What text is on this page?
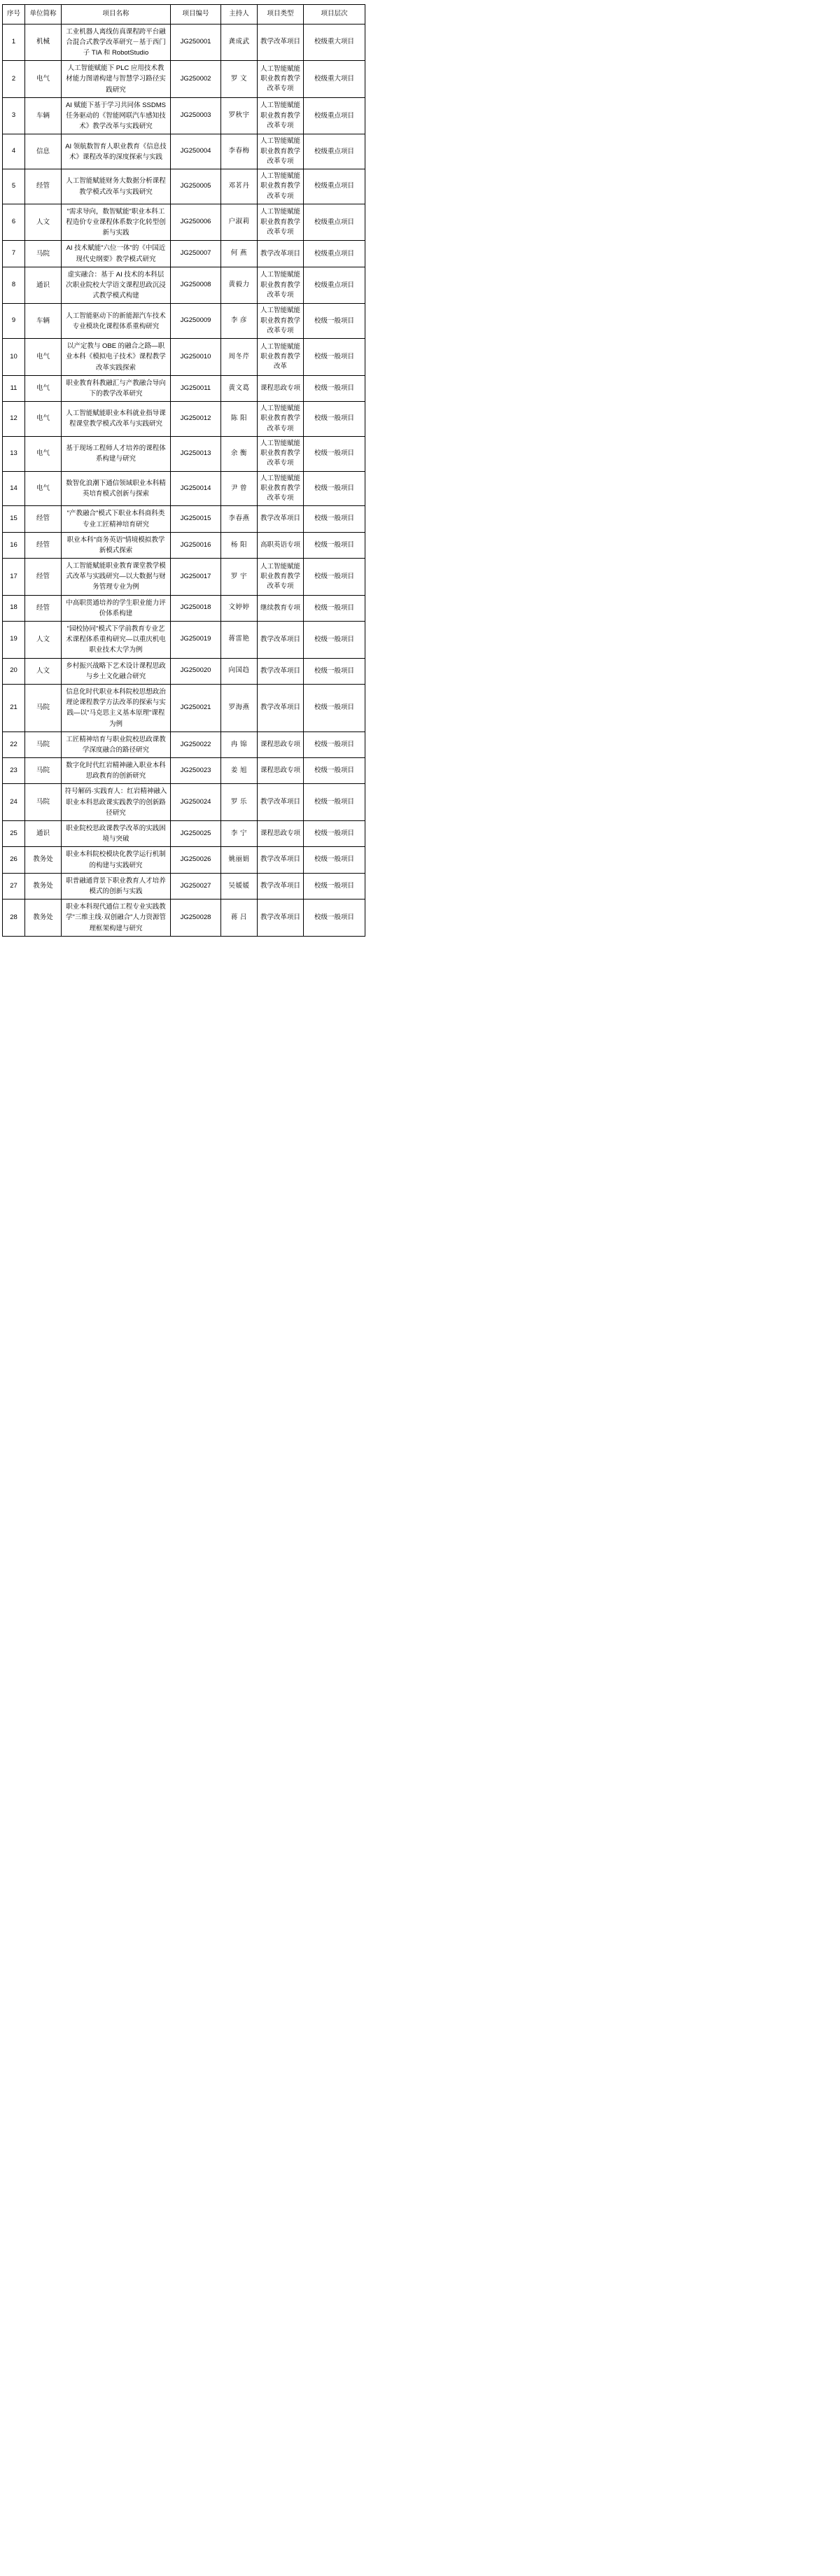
序号	单位简称	项目名称	项目编号	主持人	项目类型	项目层次
1	机械	工业机器人离线仿真课程跨平台融合混合式教学改革研究－基于西门子 TIA 和 RobotStudio	JG250001	龚成武	教学改革项目	校级重大项目
2	电气	人工智能赋能下 PLC 应用技术教材能力图谱构建与智慧学习路径实践研究	JG250002	罗 文	人工智能赋能职业教育教学改革专项	校级重大项目
3	车辆	AI 赋能下基于学习共同体 SSDMS 任务驱动的《智能网联汽车感知技术》教学改革与实践研究	JG250003	罗秋宇	人工智能赋能职业教育教学改革专项	校级重点项目
4	信息	AI 领航数智育人职业教育《信息技术》课程改革的深度探索与实践	JG250004	李春梅	人工智能赋能职业教育教学改革专项	校级重点项目
5	经管	人工智能赋能财务大数据分析课程教学模式改革与实践研究	JG250005	邓茗丹	人工智能赋能职业教育教学改革专项	校级重点项目
6	人文	"需求导向，数智赋能"职业本科工程造价专业课程体系数字化转型创新与实践	JG250006	户淑莉	人工智能赋能职业教育教学改革专项	校级重点项目
7	马院	AI 技术赋能"六位一体"的《中国近现代史纲要》教学模式研究	JG250007	何 燕	教学改革项目	校级重点项目
8	通识	虚实融合：基于 AI 技术的本科层次职业院校大学语文课程思政沉浸式教学模式构建	JG250008	黄毅力	人工智能赋能职业教育教学改革专项	校级重点项目
9	车辆	人工智能驱动下的新能源汽车技术专业模块化课程体系重构研究	JG250009	李 彦	人工智能赋能职业教育教学改革专项	校级一般项目
10	电气	以产定教与 OBE 的融合之路—职业本科《模拟电子技术》课程教学改革实践探索	JG250010	周冬芹	人工智能赋能职业教育教学改革	校级一般项目
11	电气	职业教育科教融汇与产教融合导向下的教学改革研究	JG250011	黄文葛	课程思政专项	校级一般项目
12	电气	人工智能赋能职业本科就业指导课程课堂教学模式改革与实践研究	JG250012	陈 阳	人工智能赋能职业教育教学改革专项	校级一般项目
13	电气	基于现场工程师人才培养的课程体系构建与研究	JG250013	余 衡	人工智能赋能职业教育教学改革专项	校级一般项目
14	电气	数智化浪潮下通信领域职业本科精英培育模式创新与探索	JG250014	尹 曾	人工智能赋能职业教育教学改革专项	校级一般项目
15	经管	"产教融合"模式下职业本科商科类专业工匠精神培育研究	JG250015	李春燕	教学改革项目	校级一般项目
16	经管	职业本科"商务英语"情境模拟教学新模式探索	JG250016	杨 阳	高职英语专项	校级一般项目
17	经管	人工智能赋能职业教育课堂教学模式改革与实践研究—以大数据与财务管理专业为例	JG250017	罗 宇	人工智能赋能职业教育教学改革专项	校级一般项目
18	经管	中高职贯通培养的学生职业能力评价体系构建	JG250018	文婷婷	继续教育专项	校级一般项目
19	人文	"园校协同"模式下学前教育专业艺术课程体系重构研究—以重庆机电职业技术大学为例	JG250019	蒋雷艳	教学改革项目	校级一般项目
20	人文	乡村振兴战略下艺术设计课程思政与乡土文化融合研究	JG250020	向国趋	教学改革项目	校级一般项目
21	马院	信息化时代职业本科院校思想政治理论课程教学方法改革的探索与实践—以"马克思主义基本原理"课程为例	JG250021	罗海燕	教学改革项目	校级一般项目
22	马院	工匠精神培育与职业院校思政课教学深度融合的路径研究	JG250022	冉 锦	课程思政专项	校级一般项目
23	马院	数字化时代红岩精神融入职业本科思政教育的创新研究	JG250023	姜 旭	课程思政专项	校级一般项目
24	马院	符号解码·实践育人：红岩精神融入职业本科思政课实践教学的创新路径研究	JG250024	罗 乐	教学改革项目	校级一般项目
25	通识	职业院校思政课教学改革的实践困境与突破	JG250025	李 宁	课程思政专项	校级一般项目
26	教务处	职业本科院校模块化教学运行机制的构建与实践研究	JG250026	姚丽娟	教学改革项目	校级一般项目
27	教务处	职普融通背景下职业教育人才培养模式的创新与实践	JG250027	吴媛媛	教学改革项目	校级一般项目
28	教务处	职业本科现代通信工程专业实践教学"三维主线·双创融合"人力资源管理框架构建与研究	JG250028	蒋 吕	教学改革项目	校级一般项目
